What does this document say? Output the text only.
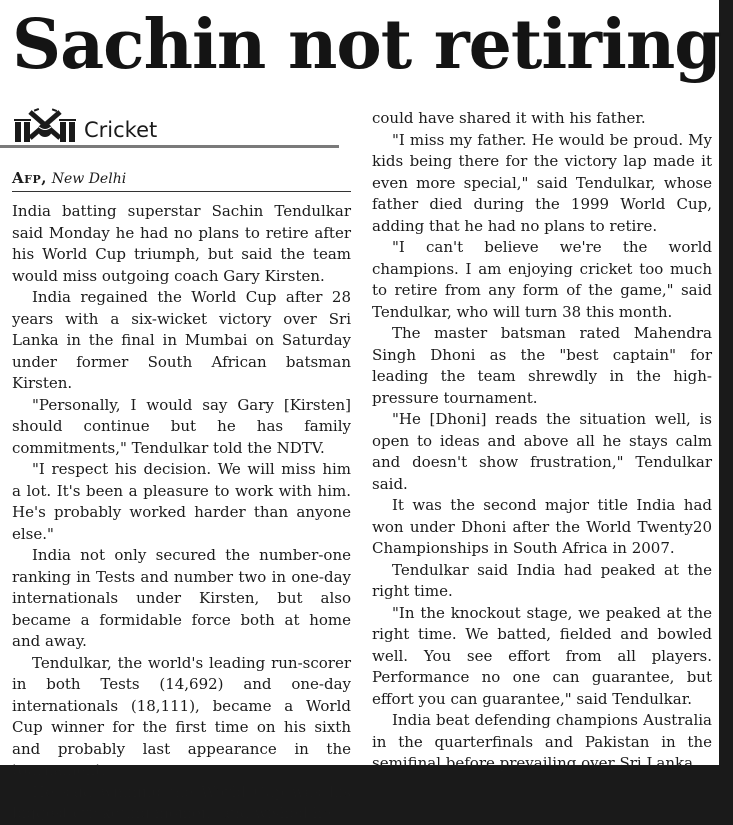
Sachin not retiring
Cricket
Afp, New Delhi

India batting superstar Sachin Tendulkar said Monday he had no plans to retire after his World Cup triumph, but said the team would miss outgoing coach Gary Kirsten.

India regained the World Cup after 28 years with a six-wicket victory over Sri Lanka in the final in Mumbai on Saturday under former South African batsman Kirsten.

"Personally, I would say Gary [Kirsten] should continue but he has family commitments," Tendulkar told the NDTV.

"I respect his decision. We will miss him a lot. It's been a pleasure to work with him. He's probably worked harder than anyone else."

India not only secured the number-one ranking in Tests and number two in one-day internationals under Kirsten, but also became a formidable force both at home and away.

Tendulkar, the world's leading run-scorer in both Tests (14,692) and one-day internationals (18,111), became a World Cup winner for the first time on his sixth and probably last appearance in the tournament.

He said winning the World Cup was his biggest cricketing moment and wished he

could have shared it with his father.

"I miss my father. He would be proud. My kids being there for the victory lap made it even more special," said Tendulkar, whose father died during the 1999 World Cup, adding that he had no plans to retire.

"I can't believe we're the world champions. I am enjoying cricket too much to retire from any form of the game," said Tendulkar, who will turn 38 this month.

The master batsman rated Mahendra Singh Dhoni as the "best captain" for leading the team shrewdly in the high-pressure tournament.

"He [Dhoni] reads the situation well, is open to ideas and above all he stays calm and doesn't show frustration," Tendulkar said.

It was the second major title India had won under Dhoni after the World Twenty20 Championships in South Africa in 2007.

Tendulkar said India had peaked at the right time.

"In the knockout stage, we peaked at the right time. We batted, fielded and bowled well. You see effort from all players. Performance no one can guarantee, but effort you can guarantee," said Tendulkar.

India beat defending champions Australia in the quarterfinals and Pakistan in the semifinal before prevailing over Sri Lanka.
